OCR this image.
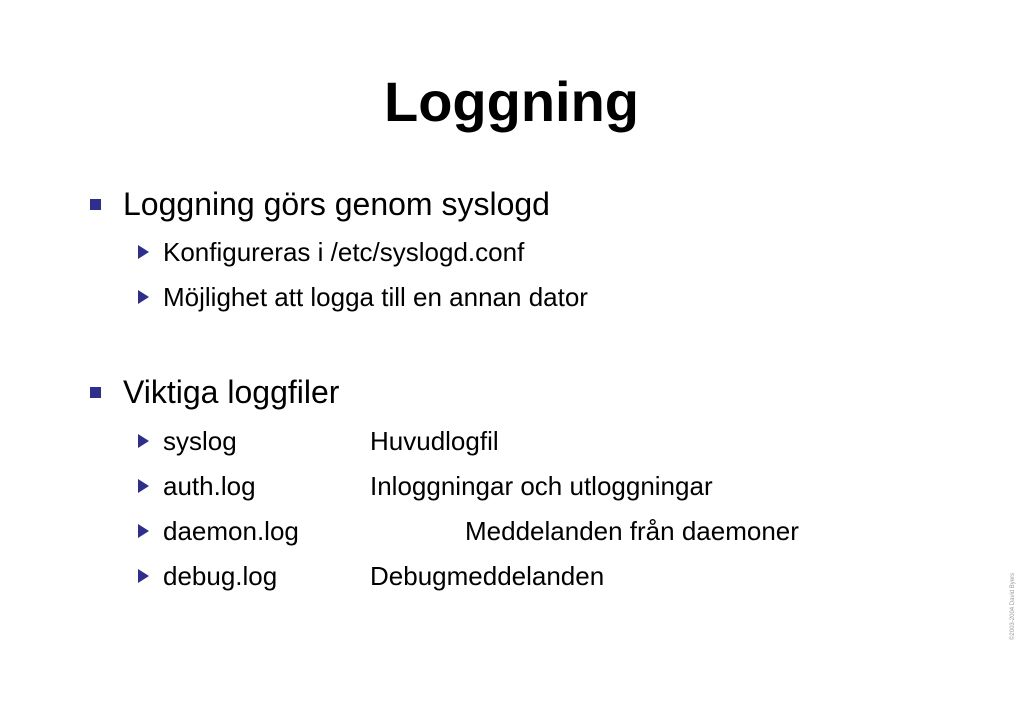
Loggning
Loggning görs genom syslogd
Konfigureras i /etc/syslogd.conf
Möjlighet att logga till en annan dator
Viktiga loggfiler
syslog	Huvudlogfil
auth.log	Inloggningar och utloggningar
daemon.log	Meddelanden från daemoner
debug.log	Debugmeddelanden	©2003-2004 David Byers
